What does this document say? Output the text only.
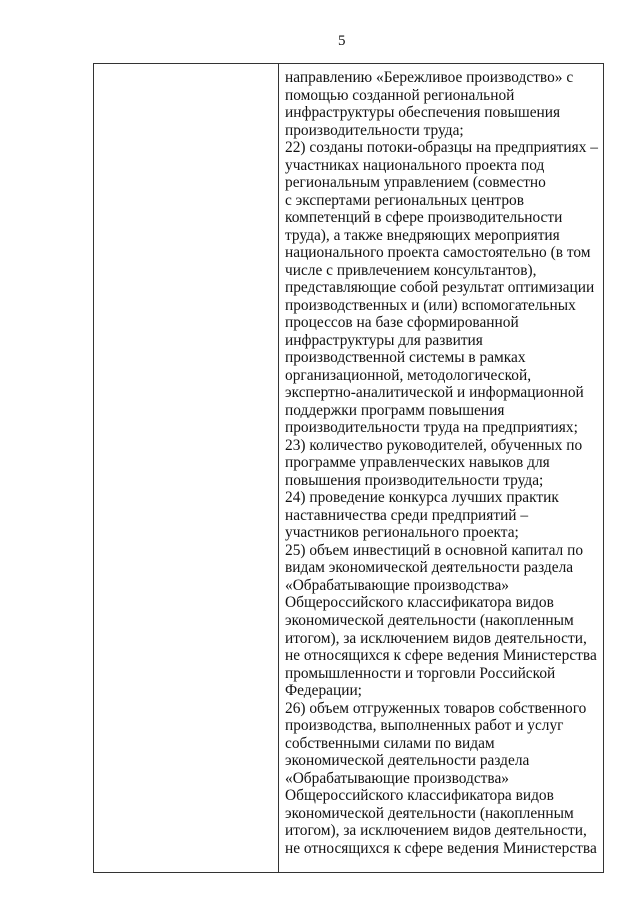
5
направлению «Бережливое производство» с
помощью созданной региональной
инфраструктуры обеспечения повышения
производительности труда;
22) созданы потоки-образцы на предприятиях –
участниках национального проекта под
региональным управлением (совместно
с экспертами региональных центров
компетенций в сфере производительности
труда), а также внедряющих мероприятия
национального проекта самостоятельно (в том
числе с привлечением консультантов),
представляющие собой результат оптимизации
производственных и (или) вспомогательных
процессов на базе сформированной
инфраструктуры для развития
производственной системы в рамках
организационной, методологической,
экспертно-аналитической и информационной
поддержки программ повышения
производительности труда на предприятиях;
23) количество руководителей, обученных по
программе управленческих навыков для
повышения производительности труда;
24) проведение конкурса лучших практик
наставничества среди предприятий –
участников регионального проекта;
25) объем инвестиций в основной капитал по
видам экономической деятельности раздела
«Обрабатывающие производства»
Общероссийского классификатора видов
экономической деятельности (накопленным
итогом), за исключением видов деятельности,
не относящихся к сфере ведения Министерства
промышленности и торговли Российской
Федерации;
26) объем отгруженных товаров собственного
производства, выполненных работ и услуг
собственными силами по видам
экономической деятельности раздела
«Обрабатывающие производства»
Общероссийского классификатора видов
экономической деятельности (накопленным
итогом), за исключением видов деятельности,
не относящихся к сфере ведения Министерства
